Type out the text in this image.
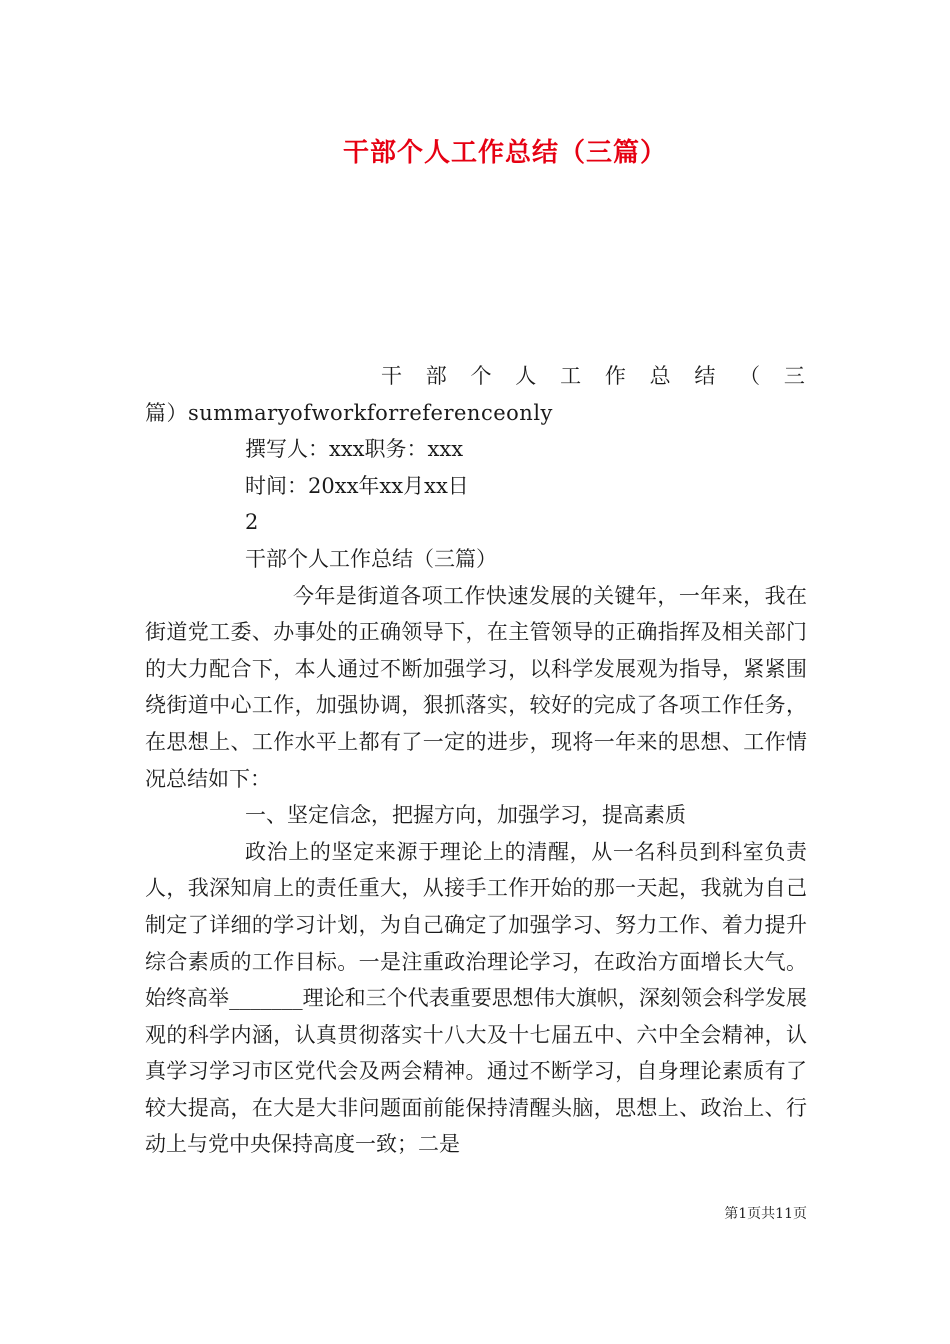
干部个人工作总结（三篇）
干 部 个 人 工 作 总 结 （ 三
篇）summaryofworkforreferenceonly
撰写人：xxx职务：xxx
时间：20xx年xx月xx日
2
干部个人工作总结（三篇）
今年是街道各项工作快速发展的关键年，一年来，我在街道党工委、办事处的正确领导下，在主管领导的正确指挥及相关部门的大力配合下，本人通过不断加强学习，以科学发展观为指导，紧紧围绕街道中心工作，加强协调，狠抓落实，较好的完成了各项工作任务，在思想上、工作水平上都有了一定的进步，现将一年来的思想、工作情况总结如下：
一、坚定信念，把握方向，加强学习，提高素质
政治上的坚定来源于理论上的清醒，从一名科员到科室负责人，我深知肩上的责任重大，从接手工作开始的那一天起，我就为自己制定了详细的学习计划，为自己确定了加强学习、努力工作、着力提升综合素质的工作目标。一是注重政治理论学习，在政治方面增长大气。始终高举_______理论和三个代表重要思想伟大旗帜，深刻领会科学发展观的科学内涵，认真贯彻落实十八大及十七届五中、六中全会精神，认真学习学习市区党代会及两会精神。通过不断学习，自身理论素质有了较大提高，在大是大非问题面前能保持清醒头脑，思想上、政治上、行动上与党中央保持高度一致；二是
第1页共11页
